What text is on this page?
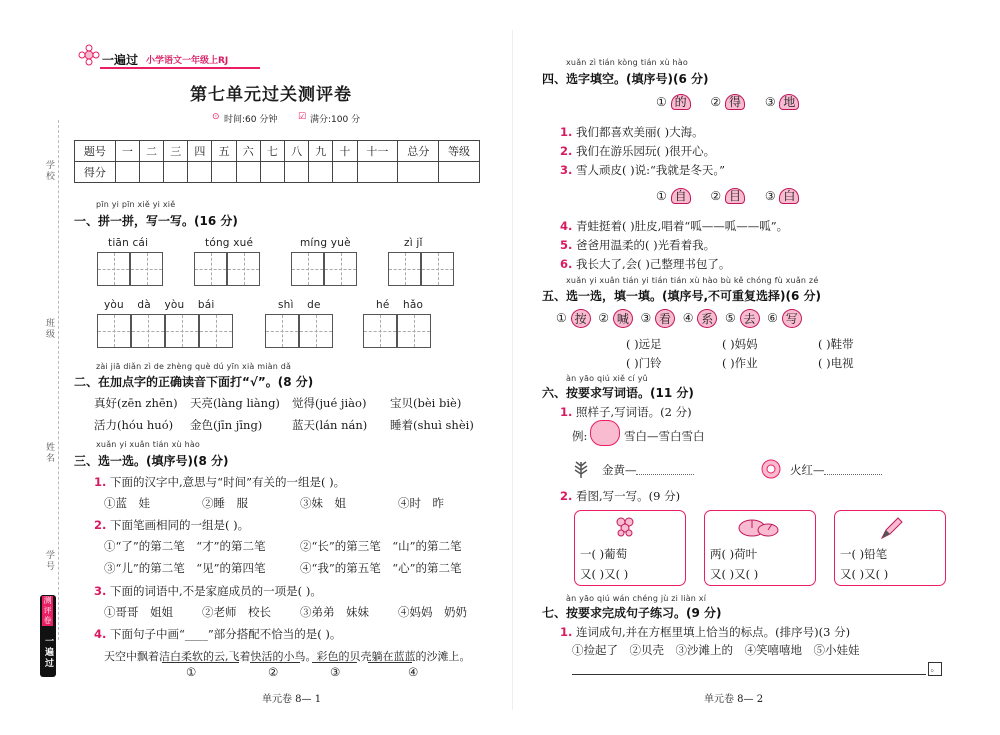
学校
班级
姓名
学号
一遍过
测评卷
一遍过 小学语文一年级上RJ
第七单元过关测评卷
⊙ 时间:60 分钟 ☑ 满分:100 分
题号	一	二	三	四	五	六	七	八	九	十	十一	总分	等级
得分													
pīn yi pīn xiě yi xiě
一、拼一拼，写一写。(16 分)
tiān cái	tóng xué	míng yuè	zì jǐ
yòu dà yòu bái	shì de	hé hǎo
zài jiā diǎn zì de zhèng què dú yīn xià miàn dǎ
二、在加点字的正确读音下面打“√”。(8 分)
真好(zēn zhēn) 天亮(làng liàng) 觉得(jué jiào) 宝贝(bèi biè)
活力(hóu huó) 金色(jīn jīng)	蓝天(lán nán) 睡着(shuì shèi)
xuǎn yi xuǎn tián xù hào
三、选一选。(填序号)(8 分)
1. 下面的汉字中,意思与“时间”有关的一组是( )。
①蓝　娃	②睡　服	③妹　姐	④时　昨
2. 下面笔画相同的一组是( )。
①“了”的第二笔　“才”的第二笔	②“长”的第三笔　“山”的第二笔
③“儿”的第二笔　“见”的第四笔	④“我”的第五笔　“心”的第二笔
3. 下面的词语中,不是家庭成员的一项是( )。
①哥哥　姐姐	②老师　校长	③弟弟　妹妹	④妈妈　奶奶
4. 下面句子中画“____”部分搭配不恰当的是( )。
天空中飘着洁白柔软的云,飞着快活的小鸟。彩色的贝壳躺在蓝蓝的沙滩上。
①	②	③	④
单元卷 8— 1
xuǎn zì tián kòng tián xù hào
四、选字填空。(填序号)(6 分)
① 的 ② 得 ③ 地
1. 我们都喜欢美丽( )大海。
2. 我们在游乐园玩( )很开心。
3. 雪人顽皮( )说:“我就是冬天。”
① 自 ② 目 ③ 白
4. 青蛙挺着( )肚皮,唱着“呱——呱——呱”。
5. 爸爸用温柔的( )光看着我。
6. 我长大了,会( )己整理书包了。
xuǎn yi xuǎn tián yi tián tián xù hào bù kě chóng fù xuǎn zé
五、选一选，填一填。(填序号,不可重复选择)(6 分)
① 按 ② 喊 ③ 看 ④ 系 ⑤ 去 ⑥ 写
( )远足	( )妈妈	( )鞋带
( )门铃	( )作业	( )电视
àn yāo qiú xiě cí yǔ
六、按要求写词语。(11 分)
1. 照样子,写词语。(2 分)
例:	雪白—雪白雪白
金黄—	火红—
2. 看图,写一写。(9 分)
一( )葡萄
又( )又( )
两( )荷叶
又( )又( )
一( )铅笔
又( )又( )
àn yāo qiú wán chéng jù zi liàn xí
七、按要求完成句子练习。(9 分)
1. 连词成句,并在方框里填上恰当的标点。(排序号)(3 分)
①捡起了　②贝壳　③沙滩上的　④笑嘻嘻地　⑤小娃娃
。
单元卷 8— 2
